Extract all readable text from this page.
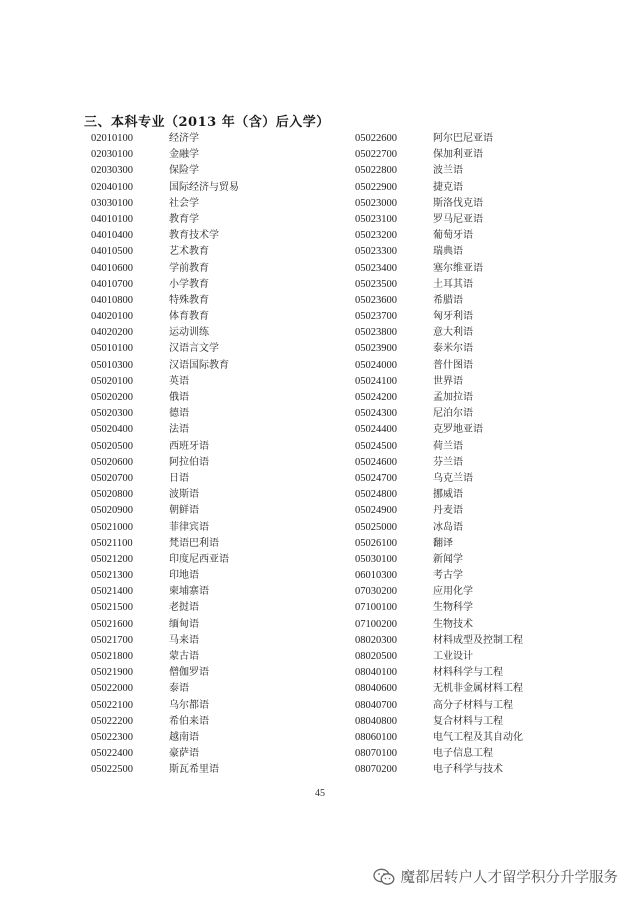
三、本科专业（2013 年（含）后入学）
02010100	经济学
02030100	金融学
02030300	保险学
02040100	国际经济与贸易
03030100	社会学
04010100	教育学
04010400	教育技术学
04010500	艺术教育
04010600	学前教育
04010700	小学教育
04010800	特殊教育
04020100	体育教育
04020200	运动训练
05010100	汉语言文学
05010300	汉语国际教育
05020100	英语
05020200	俄语
05020300	德语
05020400	法语
05020500	西班牙语
05020600	阿拉伯语
05020700	日语
05020800	波斯语
05020900	朝鲜语
05021000	菲律宾语
05021100	梵语巴利语
05021200	印度尼西亚语
05021300	印地语
05021400	柬埔寨语
05021500	老挝语
05021600	缅甸语
05021700	马来语
05021800	蒙古语
05021900	僧伽罗语
05022000	泰语
05022100	乌尔都语
05022200	希伯来语
05022300	越南语
05022400	豪萨语
05022500	斯瓦希里语
05022600	阿尔巴尼亚语
05022700	保加利亚语
05022800	波兰语
05022900	捷克语
05023000	斯洛伐克语
05023100	罗马尼亚语
05023200	葡萄牙语
05023300	瑞典语
05023400	塞尔维亚语
05023500	土耳其语
05023600	希腊语
05023700	匈牙利语
05023800	意大利语
05023900	泰米尔语
05024000	普什图语
05024100	世界语
05024200	孟加拉语
05024300	尼泊尔语
05024400	克罗地亚语
05024500	荷兰语
05024600	芬兰语
05024700	乌克兰语
05024800	挪威语
05024900	丹麦语
05025000	冰岛语
05026100	翻译
05030100	新闻学
06010300	考古学
07030200	应用化学
07100100	生物科学
07100200	生物技术
08020300	材料成型及控制工程
08020500	工业设计
08040100	材料科学与工程
08040600	无机非金属材料工程
08040700	高分子材料与工程
08040800	复合材料与工程
08060100	电气工程及其自动化
08070100	电子信息工程
08070200	电子科学与技术
45
魔都居转户人才留学积分升学服务
